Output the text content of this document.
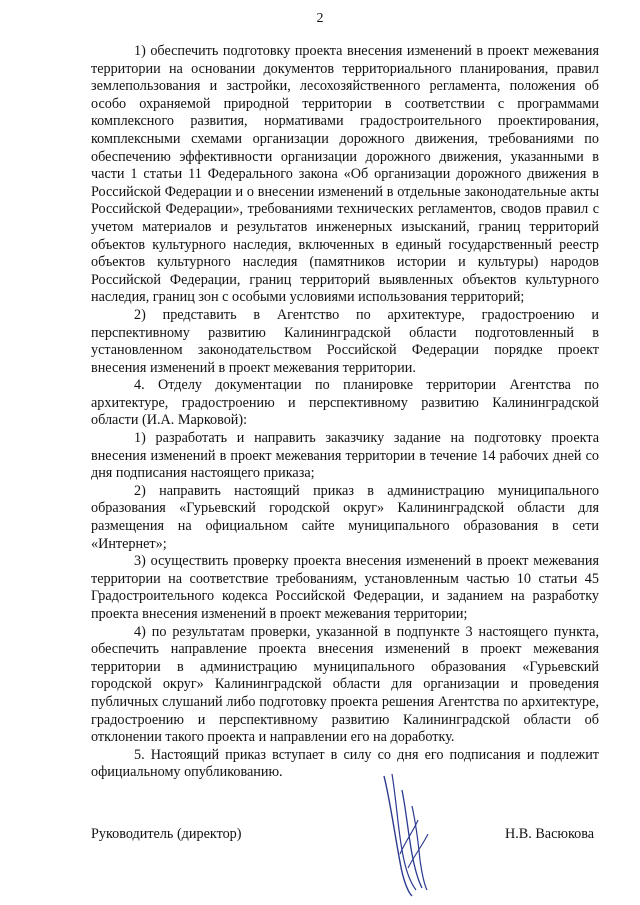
2

1) обеспечить подготовку проекта внесения изменений в проект межевания территории на основании документов территориального планирования, правил землепользования и застройки, лесохозяйственного регламента, положения об особо охраняемой природной территории в соответствии с программами комплексного развития, нормативами градостроительного проектирования, комплексными схемами организации дорожного движения, требованиями по обеспечению эффективности организации дорожного движения, указанными в части 1 статьи 11 Федерального закона «Об организации дорожного движения в Российской Федерации и о внесении изменений в отдельные законодательные акты Российской Федерации», требованиями технических регламентов, сводов правил с учетом материалов и результатов инженерных изысканий, границ территорий объектов культурного наследия, включенных в единый государственный реестр объектов культурного наследия (памятников истории и культуры) народов Российской Федерации, границ территорий выявленных объектов культурного наследия, границ зон с особыми условиями использования территорий;

2) представить в Агентство по архитектуре, градостроению и перспективному развитию Калининградской области подготовленный в установленном законодательством Российской Федерации порядке проект внесения изменений в проект межевания территории.

4. Отделу документации по планировке территории Агентства по архитектуре, градостроению и перспективному развитию Калининградской области (И.А. Марковой):

1) разработать и направить заказчику задание на подготовку проекта внесения изменений в проект межевания территории в течение 14 рабочих дней со дня подписания настоящего приказа;

2) направить настоящий приказ в администрацию муниципального образования «Гурьевский городской округ» Калининградской области для размещения на официальном сайте муниципального образования в сети «Интернет»;

3) осуществить проверку проекта внесения изменений в проект межевания территории на соответствие требованиям, установленным частью 10 статьи 45 Градостроительного кодекса Российской Федерации, и заданием на разработку проекта внесения изменений в проект межевания территории;

4) по результатам проверки, указанной в подпункте 3 настоящего пункта, обеспечить направление проекта внесения изменений в проект межевания территории в администрацию муниципального образования «Гурьевский городской округ» Калининградской области для организации и проведения публичных слушаний либо подготовку проекта решения Агентства по архитектуре, градостроению и перспективному развитию Калининградской области об отклонении такого проекта и направлении его на доработку.

5. Настоящий приказ вступает в силу со дня его подписания и подлежит официальному опубликованию.

Руководитель (директор)	Н.В. Васюкова
